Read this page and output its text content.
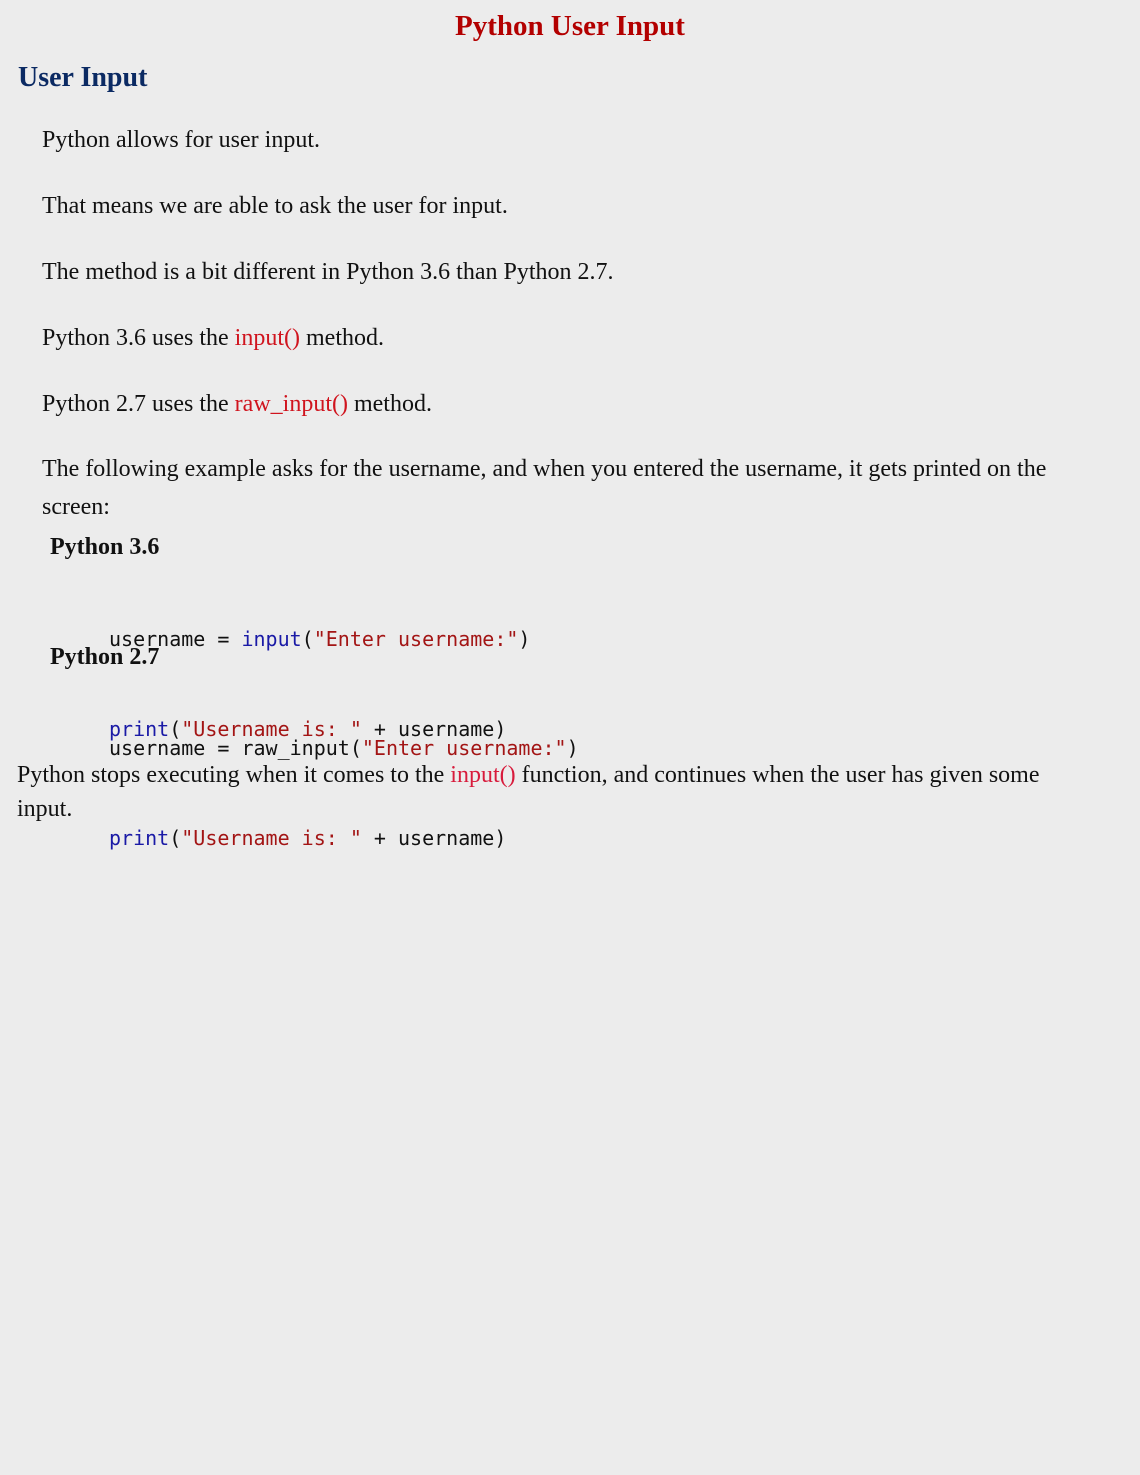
Python User Input
User Input

Python allows for user input.

That means we are able to ask the user for input.

The method is a bit different in Python 3.6 than Python 2.7.

Python 3.6 uses the input() method.

Python 2.7 uses the raw_input() method.

The following example asks for the username, and when you entered the username, it gets printed on the screen:

Python 3.6

username = input("Enter username:")

print("Username is: " + username)

Python 2.7

username = raw_input("Enter username:")

print("Username is: " + username)

Python stops executing when it comes to the input() function, and continues when the user has given some input.
